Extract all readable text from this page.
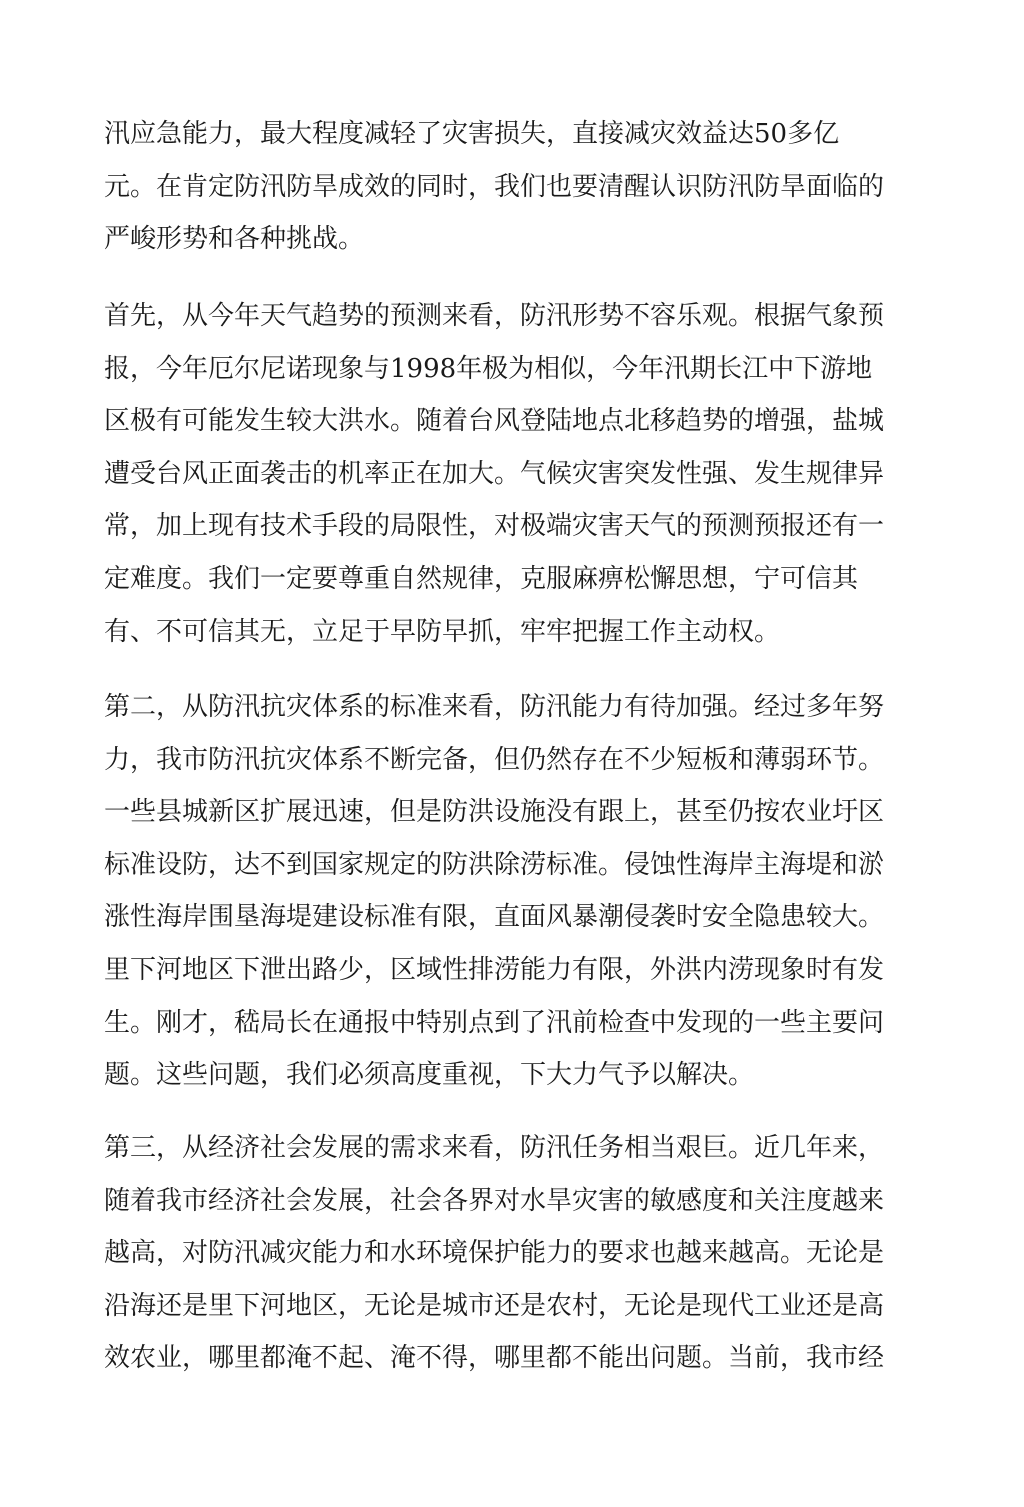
汛应急能力，最大程度减轻了灾害损失，直接减灾效益达50多亿
元。在肯定防汛防旱成效的同时，我们也要清醒认识防汛防旱面临的
严峻形势和各种挑战。
首先，从今年天气趋势的预测来看，防汛形势不容乐观。根据气象预
报，今年厄尔尼诺现象与1998年极为相似，今年汛期长江中下游地
区极有可能发生较大洪水。随着台风登陆地点北移趋势的增强，盐城
遭受台风正面袭击的机率正在加大。气候灾害突发性强、发生规律异
常，加上现有技术手段的局限性，对极端灾害天气的预测预报还有一
定难度。我们一定要尊重自然规律，克服麻痹松懈思想，宁可信其
有、不可信其无，立足于早防早抓，牢牢把握工作主动权。
第二，从防汛抗灾体系的标准来看，防汛能力有待加强。经过多年努
力，我市防汛抗灾体系不断完备，但仍然存在不少短板和薄弱环节。
一些县城新区扩展迅速，但是防洪设施没有跟上，甚至仍按农业圩区
标准设防，达不到国家规定的防洪除涝标准。侵蚀性海岸主海堤和淤
涨性海岸围垦海堤建设标准有限，直面风暴潮侵袭时安全隐患较大。
里下河地区下泄出路少，区域性排涝能力有限，外洪内涝现象时有发
生。刚才，嵇局长在通报中特别点到了汛前检查中发现的一些主要问
题。这些问题，我们必须高度重视，下大力气予以解决。
第三，从经济社会发展的需求来看，防汛任务相当艰巨。近几年来，
随着我市经济社会发展，社会各界对水旱灾害的敏感度和关注度越来
越高，对防汛减灾能力和水环境保护能力的要求也越来越高。无论是
沿海还是里下河地区，无论是城市还是农村，无论是现代工业还是高
效农业，哪里都淹不起、淹不得，哪里都不能出问题。当前，我市经
